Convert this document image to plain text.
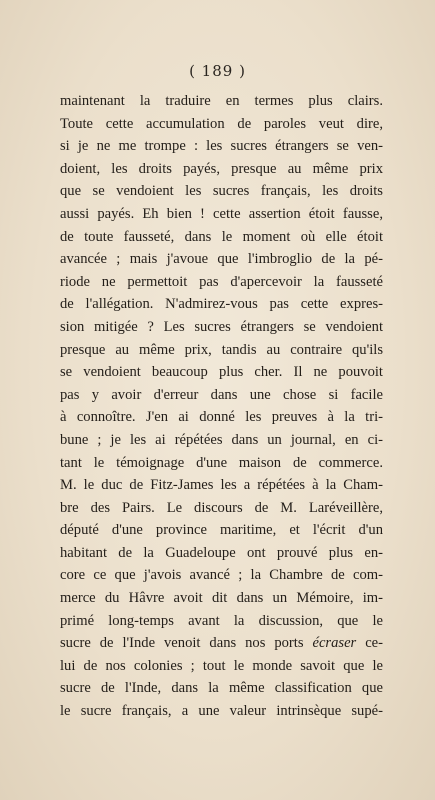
( 189 )
maintenant la traduire en termes plus clairs.
Toute cette accumulation de paroles veut dire,
si je ne me trompe : les sucres étrangers se ven-
doient, les droits payés, presque au même prix
que se vendoient les sucres français, les droits
aussi payés. Eh bien ! cette assertion étoit fausse,
de toute fausseté, dans le moment où elle étoit
avancée ; mais j'avoue que l'imbroglio de la pé-
riode ne permettoit pas d'apercevoir la fausseté
de l'allégation. N'admirez-vous pas cette expres-
sion mitigée ? Les sucres étrangers se vendoient
presque au même prix, tandis au contraire qu'ils
se vendoient beaucoup plus cher. Il ne pouvoit
pas y avoir d'erreur dans une chose si facile
à connoître. J'en ai donné les preuves à la tri-
bune ; je les ai répétées dans un journal, en ci-
tant le témoignage d'une maison de commerce.
M. le duc de Fitz-James les a répétées à la Cham-
bre des Pairs. Le discours de M. Laréveillère,
député d'une province maritime, et l'écrit d'un
habitant de la Guadeloupe ont prouvé plus en-
core ce que j'avois avancé ; la Chambre de com-
merce du Hâvre avoit dit dans un Mémoire, im-
primé long-temps avant la discussion, que le
sucre de l'Inde venoit dans nos ports écraser ce-
lui de nos colonies ; tout le monde savoit que le
sucre de l'Inde, dans la même classification que
le sucre français, a une valeur intrinsèque supé-
